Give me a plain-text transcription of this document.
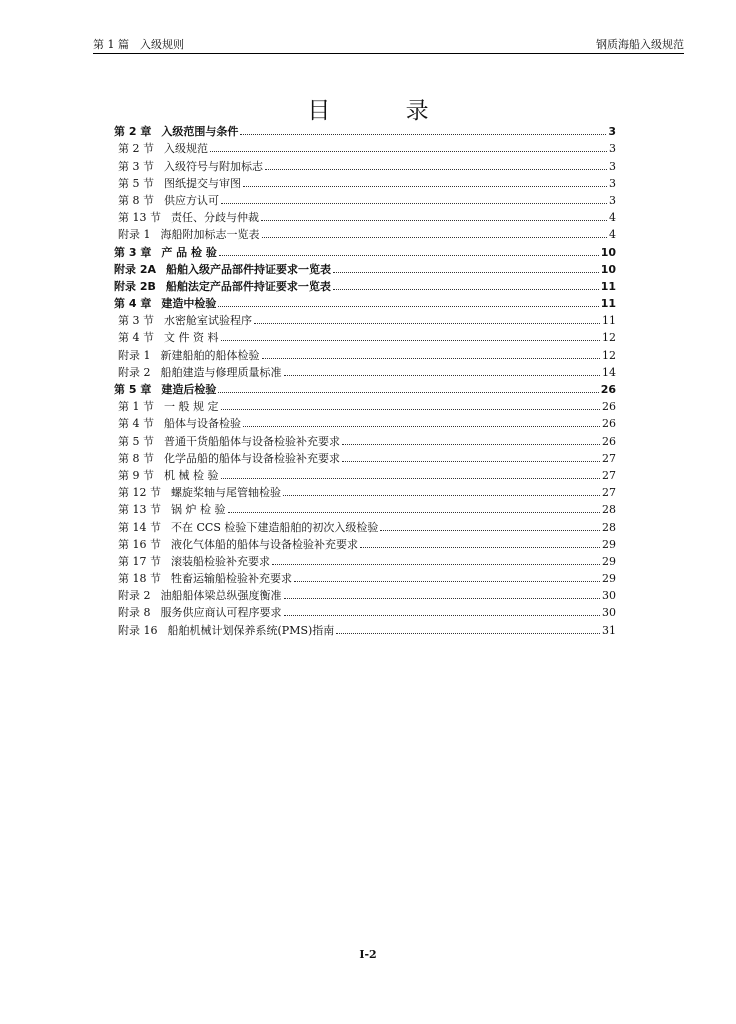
第 1 篇　入级规则	钢质海船入级规范
目 录
第 2 章 入级范围与条件	3
第 2 节 入级规范	3
第 3 节 入级符号与附加标志	3
第 5 节 图纸提交与审图	3
第 8 节 供应方认可	3
第 13 节 责任、分歧与仲裁	4
附录 1 海船附加标志一览表	4
第 3 章 产 品 检 验	10
附录 2A 船舶入级产品部件持证要求一览表	10
附录 2B 船舶法定产品部件持证要求一览表	11
第 4 章 建造中检验	11
第 3 节 水密舱室试验程序	11
第 4 节 文 件 资 料	12
附录 1 新建船舶的船体检验	12
附录 2 船舶建造与修理质量标准	14
第 5 章 建造后检验	26
第 1 节 一 般 规 定	26
第 4 节 船体与设备检验	26
第 5 节 普通干货船船体与设备检验补充要求	26
第 8 节 化学品船的船体与设备检验补充要求	27
第 9 节 机 械 检 验	27
第 12 节 螺旋桨轴与尾管轴检验	27
第 13 节 锅 炉 检 验	28
第 14 节 不在 CCS 检验下建造船舶的初次入级检验	28
第 16 节 液化气体船的船体与设备检验补充要求	29
第 17 节 滚装船检验补充要求	29
第 18 节 牲畜运输船检验补充要求	29
附录 2 油船船体梁总纵强度衡准	30
附录 8 服务供应商认可程序要求	30
附录 16 船舶机械计划保养系统(PMS)指南	31
I-2
